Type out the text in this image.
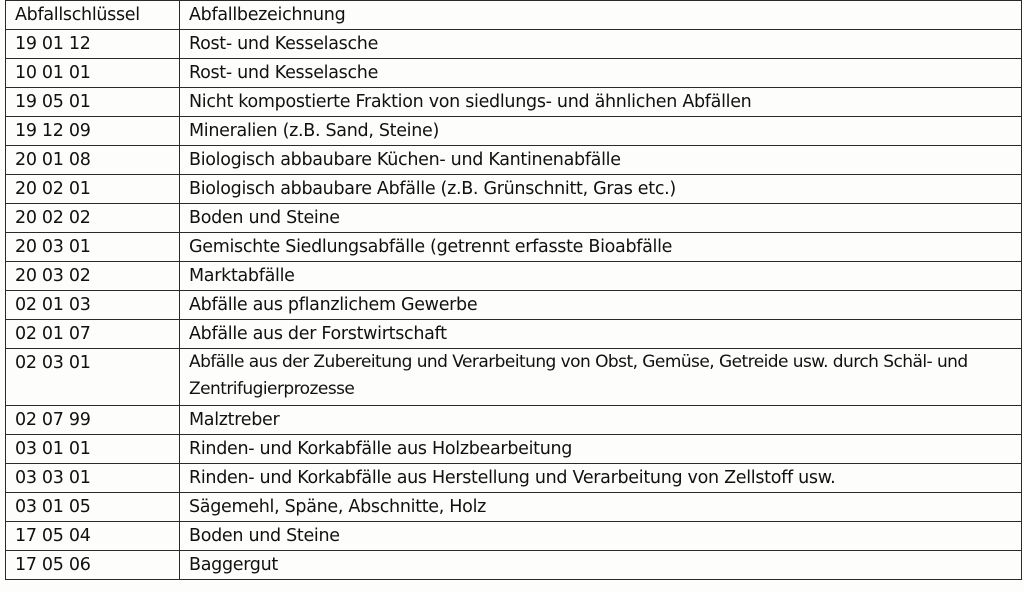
Abfallschlüssel	Abfallbezeichnung
19 01 12	Rost- und Kesselasche
10 01 01	Rost- und Kesselasche
19 05 01	Nicht kompostierte Fraktion von siedlungs- und ähnlichen Abfällen
19 12 09	Mineralien (z.B. Sand, Steine)
20 01 08	Biologisch abbaubare Küchen- und Kantinenabfälle
20 02 01	Biologisch abbaubare Abfälle (z.B. Grünschnitt, Gras etc.)
20 02 02	Boden und Steine
20 03 01	Gemischte Siedlungsabfälle (getrennt erfasste Bioabfälle
20 03 02	Marktabfälle
02 01 03	Abfälle aus pflanzlichem Gewerbe
02 01 07	Abfälle aus der Forstwirtschaft
02 03 01	Abfälle aus der Zubereitung und Verarbeitung von Obst, Gemüse, Getreide usw. durch Schäl- und Zentrifugierprozesse
02 07 99	Malztreber
03 01 01	Rinden- und Korkabfälle aus Holzbearbeitung
03 03 01	Rinden- und Korkabfälle aus Herstellung und Verarbeitung von Zellstoff usw.
03 01 05	Sägemehl, Späne, Abschnitte, Holz
17 05 04	Boden und Steine
17 05 06	Baggergut
